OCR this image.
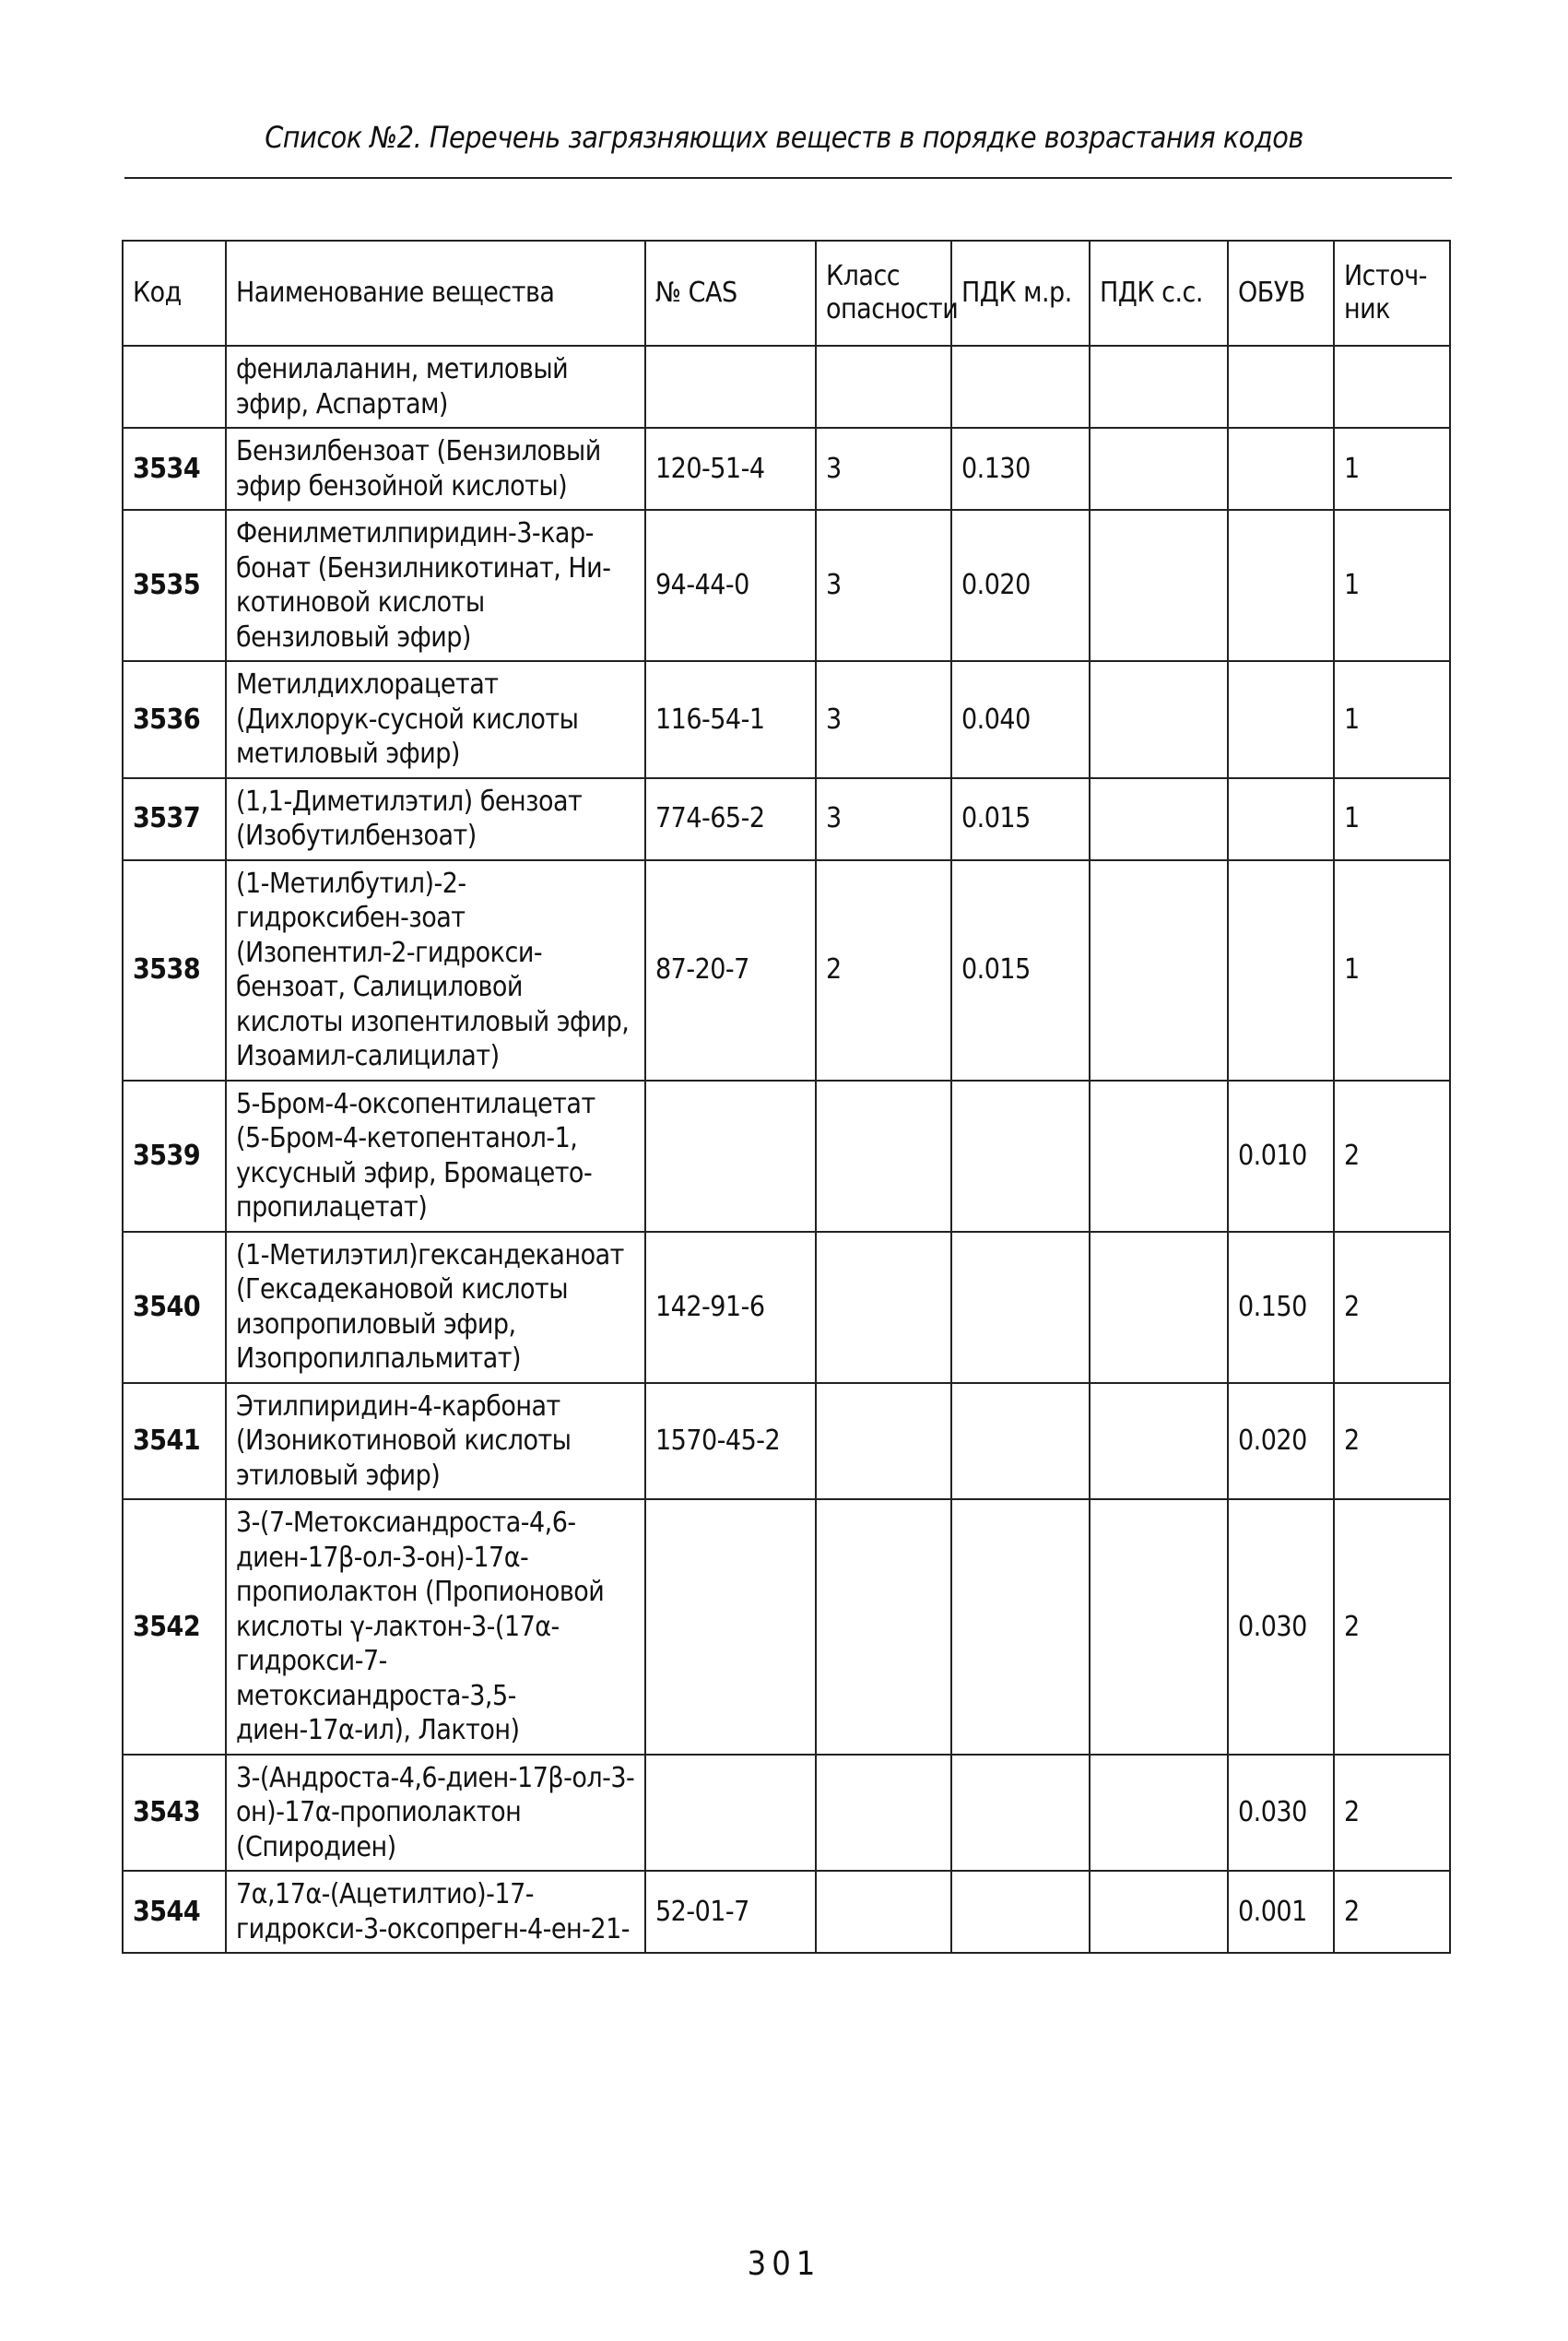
Список №2. Перечень загрязняющих веществ в порядке возрастания кодов
Код	Наименование вещества	№ CAS	Класс опасности	ПДК м.р.	ПДК с.с.	ОБУВ	Источ-ник
	фенилаланин, метиловый эфир, Аспартам)						
3534	Бензилбензоат (Бензиловый эфир бензойной кислоты)	120-51-4	3	0.130			1
3535	Фенилметилпиридин-3-кар-бонат (Бензилникотинат, Ни-котиновой кислоты бензиловый эфир)	94-44-0	3	0.020			1
3536	Метилдихлорацетат (Дихлорук-сусной кислоты метиловый эфир)	116-54-1	3	0.040			1
3537	(1,1-Диметилэтил) бензоат (Изобутилбензоат)	774-65-2	3	0.015			1
3538	(1-Метилбутил)-2-гидроксибен-зоат (Изопентил-2-гидрокси-бензоат, Салициловой кислоты изопентиловый эфир, Изоамил-салицилат)	87-20-7	2	0.015			1
3539	5-Бром-4-оксопентилацетат (5-Бром-4-кетопентанол-1, уксусный эфир, Бромацето-пропилацетат)					0.010	2
3540	(1-Метилэтил)гександеканоат (Гексадекановой кислоты изопропиловый эфир, Изопропилпальмитат)	142-91-6				0.150	2
3541	Этилпиридин-4-карбонат (Изоникотиновой кислоты этиловый эфир)	1570-45-2				0.020	2
3542	3-(7-Метоксиандроста-4,6-диен-17β-ол-3-он)-17α-пропиолактон (Пропионовой кислоты γ-лактон-3-(17α-гидрокси-7-метоксиандроста-3,5-диен-17α-ил), Лактон)					0.030	2
3543	3-(Андроста-4,6-диен-17β-ол-3-он)-17α-пропиолактон (Спиродиен)					0.030	2
3544	7α,17α-(Ацетилтио)-17-гидрокси-3-оксопрегн-4-ен-21-	52-01-7				0.001	2
301
